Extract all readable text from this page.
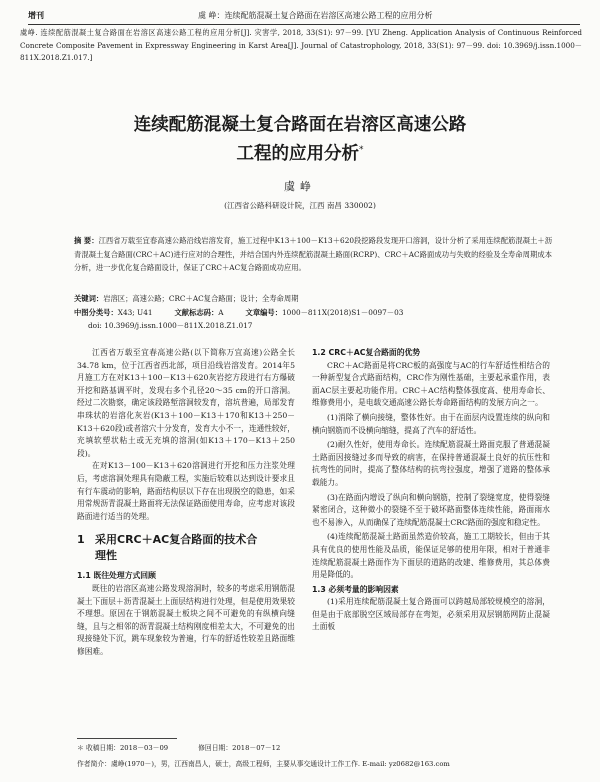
增刊	虞 峥：连续配筋混凝土复合路面在岩溶区高速公路工程的应用分析
虞峥. 连续配筋混凝土复合路面在岩溶区高速公路工程的应用分析[J]. 灾害学, 2018, 33(S1): 97－99. [YU Zheng. Application Analysis of Continuous Reinforced Concrete Composite Pavement in Expressway Engineering in Karst Area[J]. Journal of Catastrophology, 2018, 33(S1): 97－99. doi: 10.3969/j.issn.1000－811X.2018.Z1.017.]
连续配筋混凝土复合路面在岩溶区高速公路
工程的应用分析*
虞峥
(江西省公路科研设计院，江西 南昌 330002)
摘 要：江西省万载至宜春高速公路沿线岩溶发育，施工过程中K13＋100－K13＋620段挖路段发现开口溶洞，设计分析了采用连续配筋混凝土＋沥青混凝土复合路面(CRC＋AC)进行应对的合理性，并结合国内外连续配筋混凝土路面(RCRP)、CRC＋AC路面成功与失败的经验及全寿命周期成本分析，进一步优化复合路面设计，保证了CRC＋AC复合路面成功应用。
关键词：岩溶区；高速公路；CRC＋AC复合路面；设计；全寿命周期
中图分类号：X43; U41	文献标志码：A	文章编号：1000－811X(2018)S1－0097－03
doi: 10.3969/j.issn.1000－811X.2018.Z1.017

江西省万载至宜春高速公路(以下简称万宜高速)公路全长34.78 km，位于江西省西北部，项目沿线岩溶发育。2014年5月施工方在对K13＋100－K13＋620灰岩挖方段进行右方爆破开挖和路基调平时，发现右多个孔径20～35 cm的开口溶洞。经过二次勘察，确定该段路堑溶洞较发育，溶坑普遍，局部发育串珠状的岩溶化灰岩(K13＋100－K13＋170和K13＋250－K13＋620段)或者溶穴十分发育，发育大小不一，连通性较好，充填软塑状粘土或无充填的溶洞(如K13＋170－K13＋250段)。

在对K13－100－K13＋620溶洞进行开挖和压力注浆处理后，考虑溶洞处理具有隐蔽工程，实施后较难以达到设计要求且有行车震动的影响，路面结构层以下存在出现脱空的隐患，如采用常规沥青混凝土路面将无法保证路面使用寿命，应考虑对该段路面进行适当的处理。

1 采用CRC＋AC复合路面的技术合
理性

1.1 既往处理方式回顾

既往的岩溶区高速公路发现溶洞时，较多的考虑采用钢筋混凝土下面层＋沥青混凝土上面层结构进行处理，但是使用效果较不理想。原因在于钢筋混凝土板块之间不可避免的有纵横向缝缝，且与之相邻的沥青混凝土结构刚度相差太大，不可避免的出现接缝处下沉，跳车现象较为普遍，行车的舒适性较差且路面维修困难。

1.2 CRC＋AC复合路面的优势

CRC＋AC路面是将CRC板的高强度与AC的行车舒适性相结合的一种新型复合式路面结构，CRC作为刚性基础，主要起承重作用，表面AC层主要起功能作用。CRC＋AC结构整体强度高、使用寿命长、维修费用小，是电载交通高速公路长寿命路面结构的发展方向之一。

(1)消除了横向接缝，整体性好。由于在面层内设置连续的纵向和横向钢筋而不设横向缩缝，提高了汽车的舒适性。

(2)耐久性好，使用寿命长。连续配筋混凝土路面克服了普通混凝土路面因接缝过多而导致的病害，在保持普通混凝土良好的抗压性和抗弯性的同时，提高了整体结构的抗弯拉强度，增强了道路的整体承载能力。

(3)在路面内增设了纵向和横向钢筋，控制了裂缝宽度，使得裂缝紧密闭合，这种微小的裂缝不至于破坏路面整体连续性能，路面雨水也不易渗入，从而确保了连续配筋混凝土CRC路面的强度和稳定性。

(4)连续配筋混凝土路面虽然造价较高，施工工期较长，但由于其具有优良的使用性能及品质，能保证足够的使用年限，相对于普通非连续配筋混凝土路面作为下面层的道路的改建、维修费用，其总体费用是降低的。

1.3 必须考量的影响因素

(1)采用连续配筋混凝土复合路面可以跨越局部较规模空的溶洞，但是由于底部脱空区域局部存在弯矩，必须采用双层钢筋网防止混凝土面板

＊ 收稿日期：2018－03－09	修回日期：2018－07－12
作者简介：虞峥(1970－)，男，江西南昌人，硕士，高级工程师，主要从事交通设计工作工作. E-mail: yz0682@163.com
